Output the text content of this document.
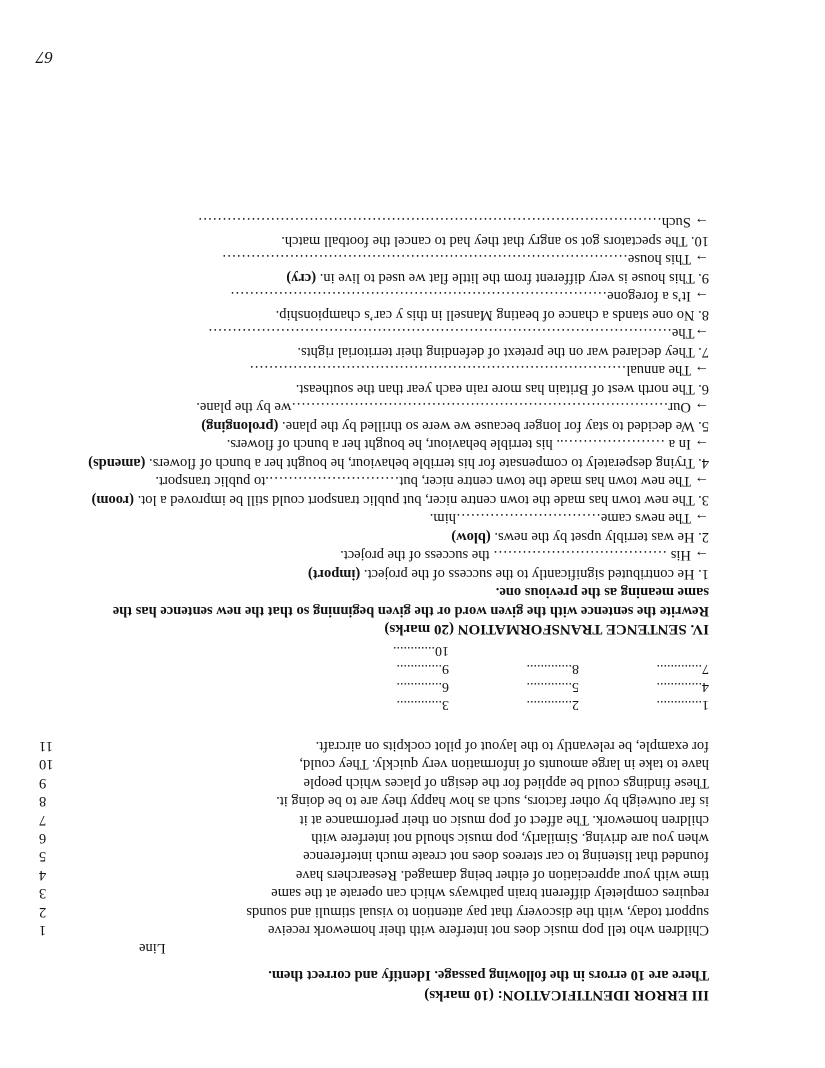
67
III ERROR IDENTIFICATION: (10 marks)
There are 10 errors in the following passage. Identify and correct them.
Line
Children who tell pop music does not interfere with their homework receive
1
support today, with the discovery that pay attention to visual stimuli and sounds
2
requires completely different brain pathways which can operate at the same
3
time with your appreciation of either being damaged. Researchers have
4
founded that listening to car stereos does not create much interference
5
when you are driving. Similarly, pop music should not interfere with
6
children homework. The affect of pop music on their performance at it
7
is far outweigh by other factors, such as how happy they are to be doing it.
8
These findings could be applied for the design of places which people
9
have to take in large amounts of information very quickly. They could,
10
for example, be relevantly to the layout of pilot cockpits on aircraft.
11
1.............
2.............
3.............
4.............
5.............
6.............
7.............
8.............
9.............
10............
IV. SENTENCE TRANSFORMATION (20 marks)
Rewrite the sentence with the given word or the given beginning so that the new sentence has the
same meaning as the previous one.
1. He contributed significantly to the success of the project. (import)
→ His ……………………………… the success of the project.
2. He was terribly upset by the news. (blow)
→ The news came…………………………him.
3. The new town has made the town centre nicer, but public transport could still be improved a lot. (room)
→ The new town has made the town centre nicer, but……………………….to public transport.
4. Trying desperately to compensate for his terrible behaviour, he bought her a bunch of flowers. (amends)
→ In a ………………….. his terrible behaviour, he bought her a bunch of flowers.
5. We decided to stay for longer because we were so thrilled by the plane. (prolonging)
→ Our……………………………………………………………………we by the plane.
6. The north west of Britain has more rain each year than the southeast.
→ The annual……………………………………………………………………
7. They declared war on the pretext of defending their territorial rights.
→The……………………………………………………………………………………
8. No one stands a chance of beating Mansell in this y car’s championship.
→ It’s a foregone……………………………………………………………………
9. This house is very different from the little flat we used to live in. (cry)
→ This house…………………………………………………………………………
10. The spectators got so angry that they had to cancel the football match.
→ Such……………………………………………………………………………………
